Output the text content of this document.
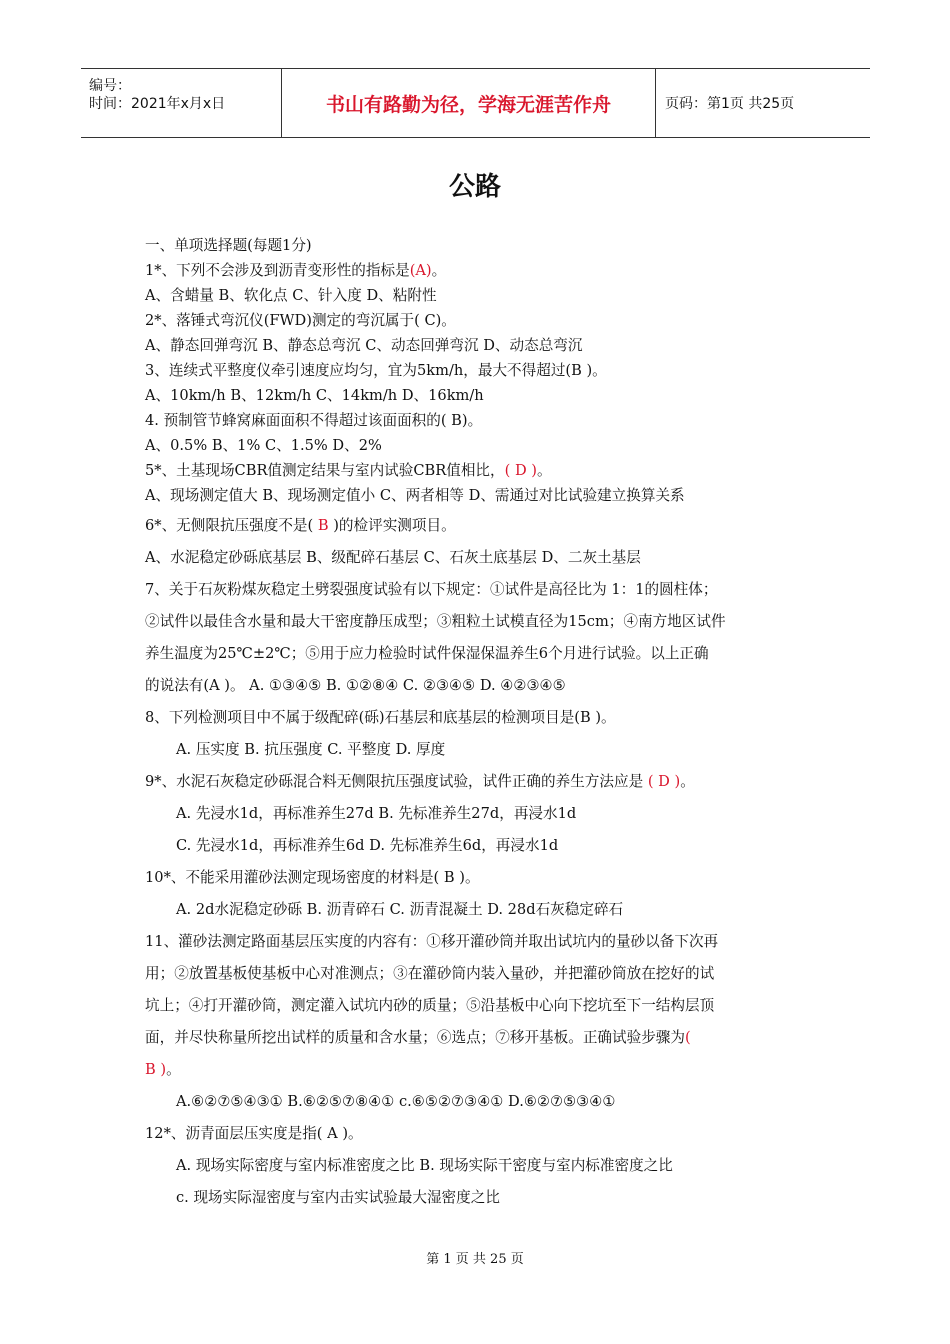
编号：
时间：2021年x月x日	书山有路勤为径，学海无涯苦作舟	页码：第1页 共25页
公路
一、单项选择题(每题1分)
1*、下列不会涉及到沥青变形性的指标是(A)。
A、含蜡量 B、软化点 C、针入度 D、粘附性
2*、落锤式弯沉仪(FWD)测定的弯沉属于( C)。
A、静态回弹弯沉 B、静态总弯沉 C、动态回弹弯沉 D、动态总弯沉
3、连续式平整度仪牵引速度应均匀，宜为5km/h，最大不得超过(B )。
A、10km/h B、12km/h C、14km/h D、16km/h
4. 预制管节蜂窝麻面面积不得超过该面面积的( B)。
A、0.5% B、1% C、1.5% D、2%
5*、土基现场CBR值测定结果与室内试验CBR值相比，( D )。
A、现场测定值大 B、现场测定值小 C、两者相等 D、需通过对比试验建立换算关系
6*、无侧限抗压强度不是( B )的检评实测项目。
A、水泥稳定砂砾底基层 B、级配碎石基层 C、石灰土底基层 D、二灰土基层
7、关于石灰粉煤灰稳定土劈裂强度试验有以下规定：①试件是高径比为 1：1的圆柱体；
②试件以最佳含水量和最大干密度静压成型；③粗粒土试模直径为15cm；④南方地区试件
养生温度为25℃±2℃；⑤用于应力检验时试件保湿保温养生6个月进行试验。以上正确
的说法有(A )。 A. ①③④⑤ B. ①②⑧④ C. ②③④⑤ D. ④②③④⑤
8、下列检测项目中不属于级配碎(砾)石基层和底基层的检测项目是(B )。
A. 压实度 B. 抗压强度 C. 平整度 D. 厚度
9*、水泥石灰稳定砂砾混合料无侧限抗压强度试验，试件正确的养生方法应是 ( D )。
A. 先浸水1d，再标准养生27d B. 先标准养生27d，再浸水1d
C. 先浸水1d，再标准养生6d D. 先标准养生6d，再浸水1d
10*、不能采用灌砂法测定现场密度的材料是( B )。
A. 2d水泥稳定砂砾 B. 沥青碎石 C. 沥青混凝土 D. 28d石灰稳定碎石
11、灌砂法测定路面基层压实度的内容有：①移开灌砂筒并取出试坑内的量砂以备下次再
用；②放置基板使基板中心对准测点；③在灌砂筒内装入量砂，并把灌砂筒放在挖好的试
坑上；④打开灌砂筒，测定灌入试坑内砂的质量；⑤沿基板中心向下挖坑至下一结构层顶
面，并尽快称量所挖出试样的质量和含水量；⑥选点；⑦移开基板。正确试验步骤为(
B )。
A.⑥②⑦⑤④③① B.⑥②⑤⑦⑧④① c.⑥⑤②⑦③④① D.⑥②⑦⑤③④①
12*、沥青面层压实度是指( A )。
A. 现场实际密度与室内标准密度之比 B. 现场实际干密度与室内标准密度之比
c. 现场实际湿密度与室内击实试验最大湿密度之比
第 1 页 共 25 页
